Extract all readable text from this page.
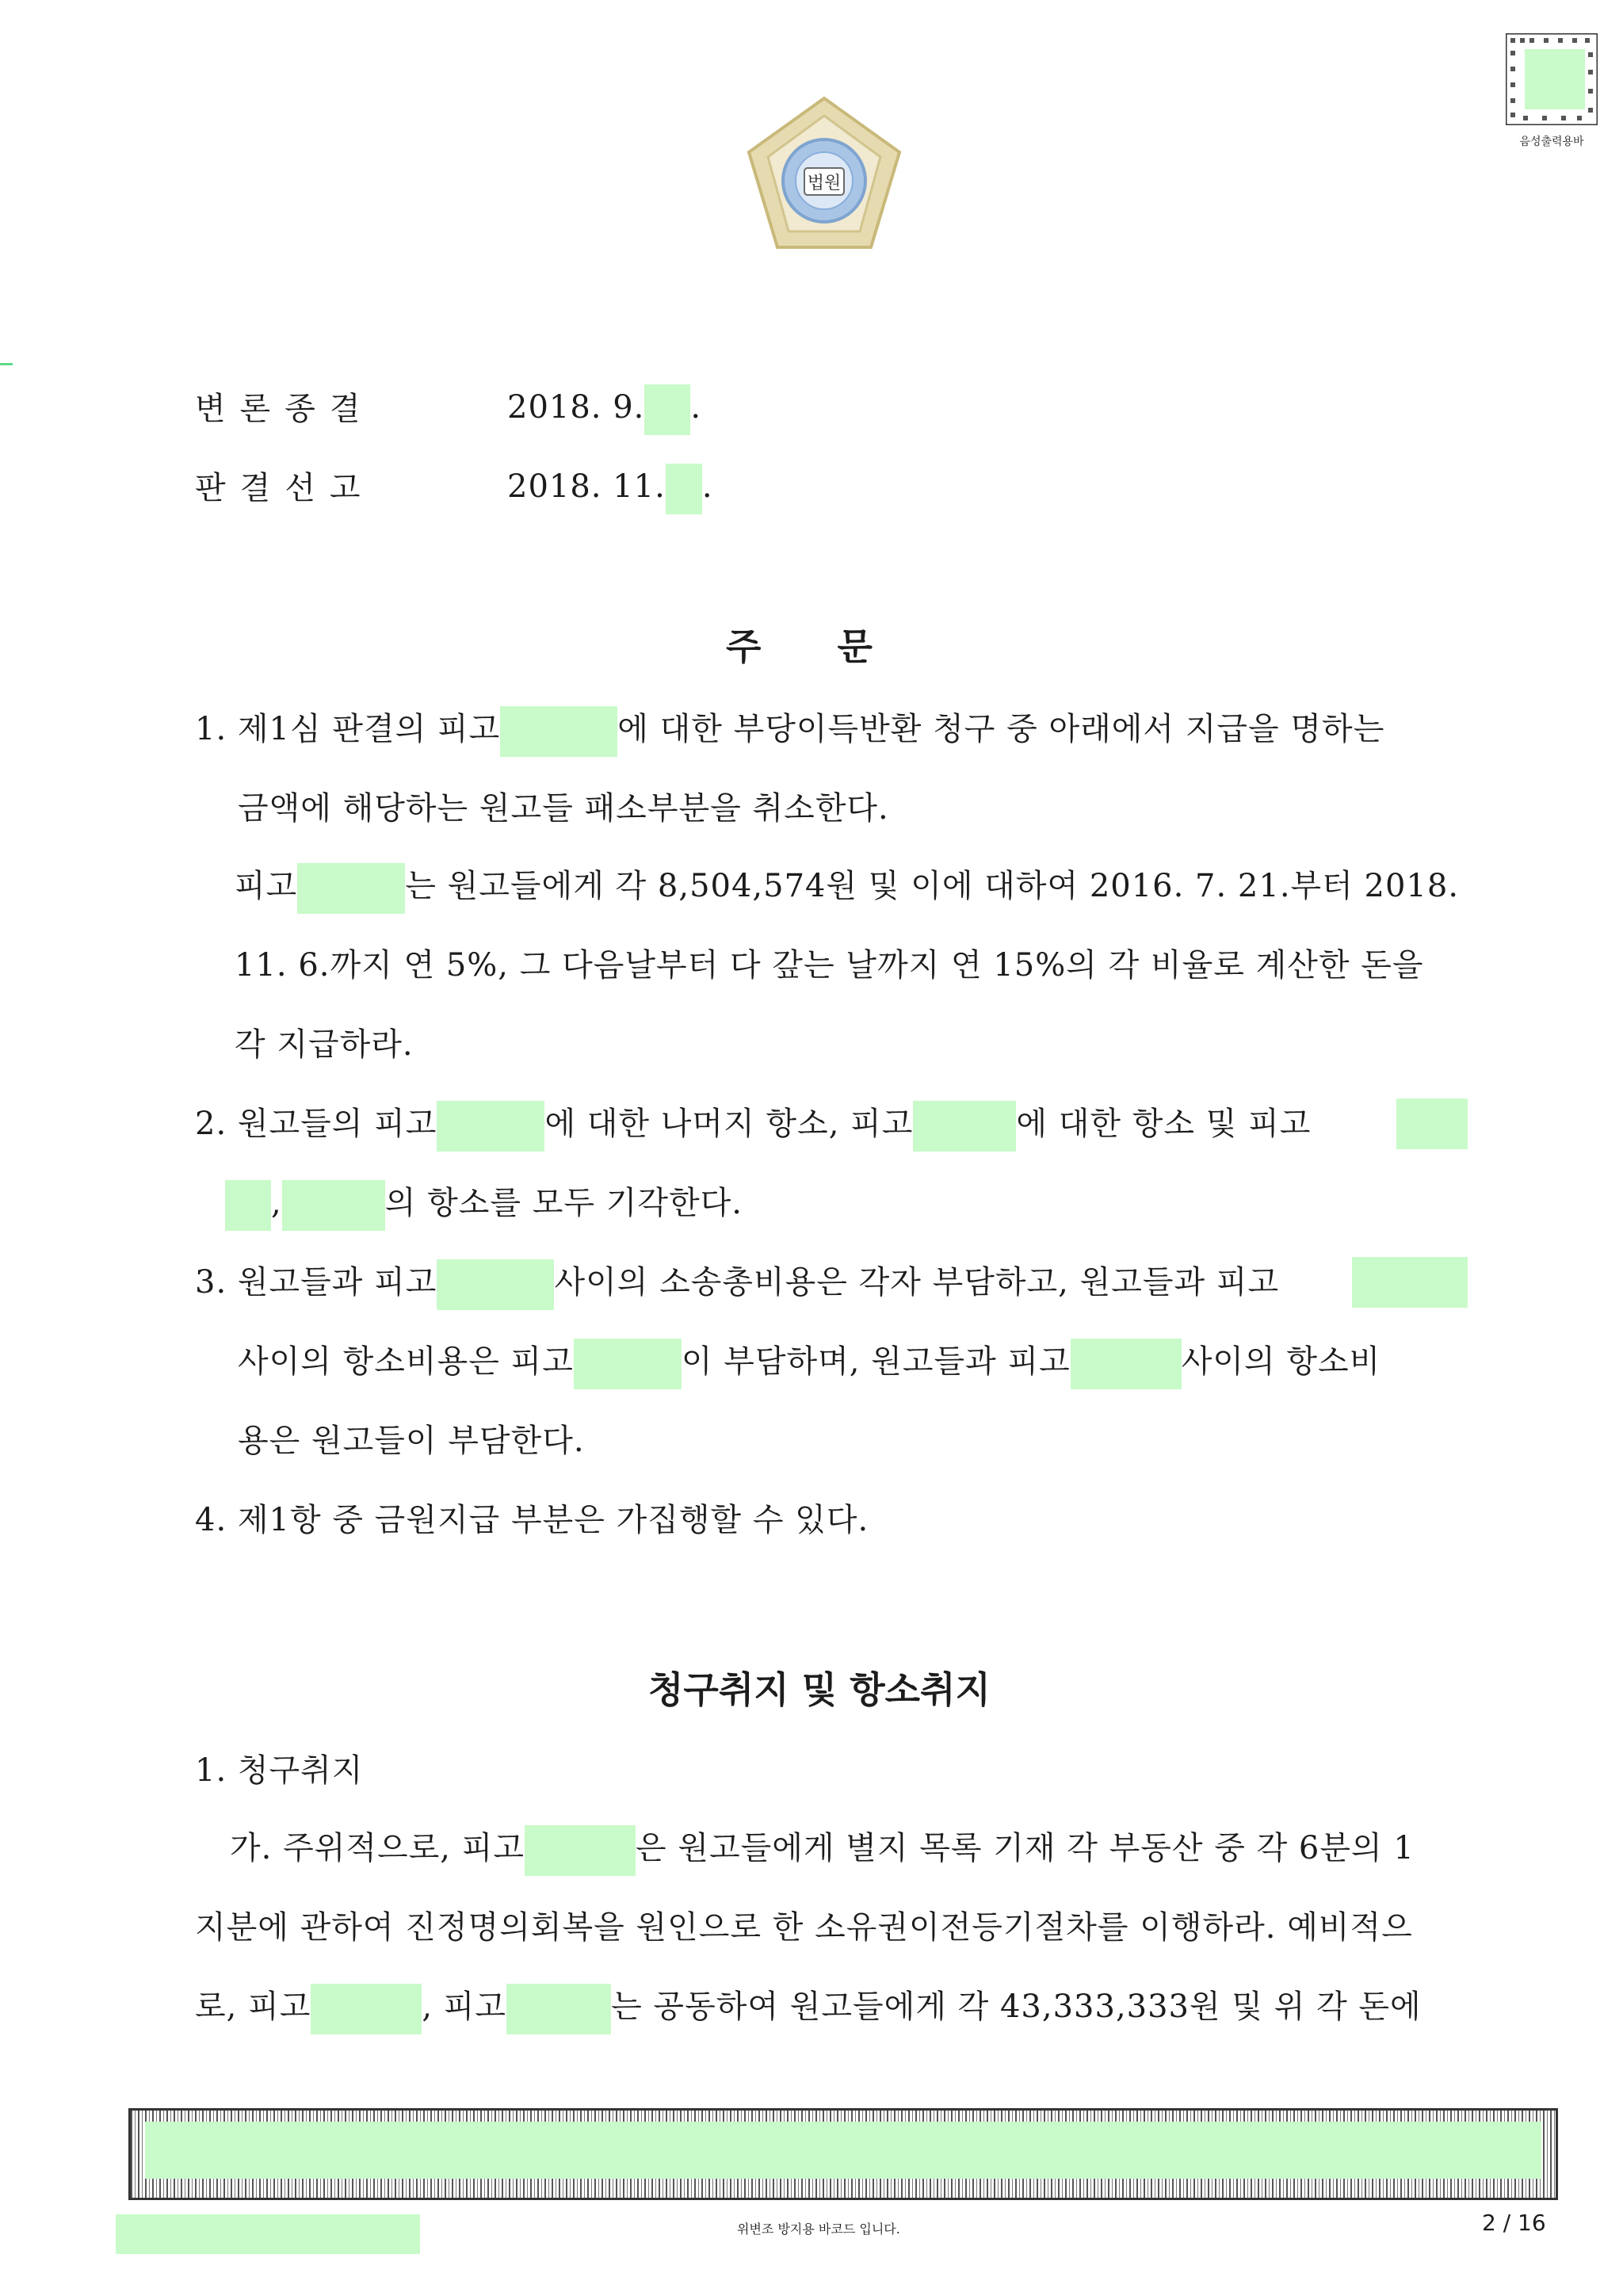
법원
음성출력용바
변론종결	2018. 9. .
판결선고	2018. 11. .
주      문
1. 제1심 판결의 피고	에 대한 부당이득반환 청구 중 아래에서 지급을 명하는
금액에 해당하는 원고들 패소부분을 취소한다.
피고	는 원고들에게 각 8,504,574원 및 이에 대하여 2016. 7. 21.부터 2018.
11. 6.까지 연 5%, 그 다음날부터 다 갚는 날까지 연 15%의 각 비율로 계산한 돈을
각 지급하라.
2. 원고들의 피고	에 대한 나머지 항소, 피고	에 대한 항소 및 피고
,	의 항소를 모두 기각한다.
3. 원고들과 피고	사이의 소송총비용은 각자 부담하고, 원고들과 피고
사이의 항소비용은 피고	이 부담하며, 원고들과 피고	사이의 항소비
용은 원고들이 부담한다.
4. 제1항 중 금원지급 부분은 가집행할 수 있다.
청구취지 및 항소취지
1. 청구취지
가. 주위적으로, 피고	은 원고들에게 별지 목록 기재 각 부동산 중 각 6분의 1
지분에 관하여 진정명의회복을 원인으로 한 소유권이전등기절차를 이행하라. 예비적으
로, 피고	, 피고	는 공동하여 원고들에게 각 43,333,333원 및 위 각 돈에
위변조 방지용 바코드 입니다.	2 / 16
